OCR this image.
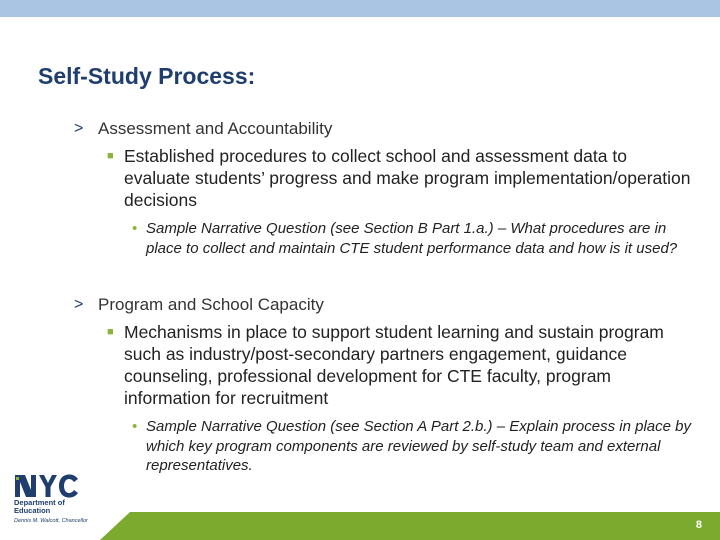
Self-Study Process:
> Assessment and Accountability
■ Established procedures to collect school and assessment data to evaluate students’ progress and make program implementation/operation decisions
• Sample Narrative Question (see Section B Part 1.a.) – What procedures are in place to collect and maintain CTE student performance data and how is it used?
> Program and School Capacity
■ Mechanisms in place to support student learning and sustain program such as industry/post-secondary partners engagement, guidance counseling, professional development for CTE faculty, program information for recruitment
• Sample Narrative Question (see Section A Part 2.b.) – Explain process in place by which key program components are reviewed by self-study team and external representatives.
Department of
Education
Dennis M. Walcott, Chancellor	8
